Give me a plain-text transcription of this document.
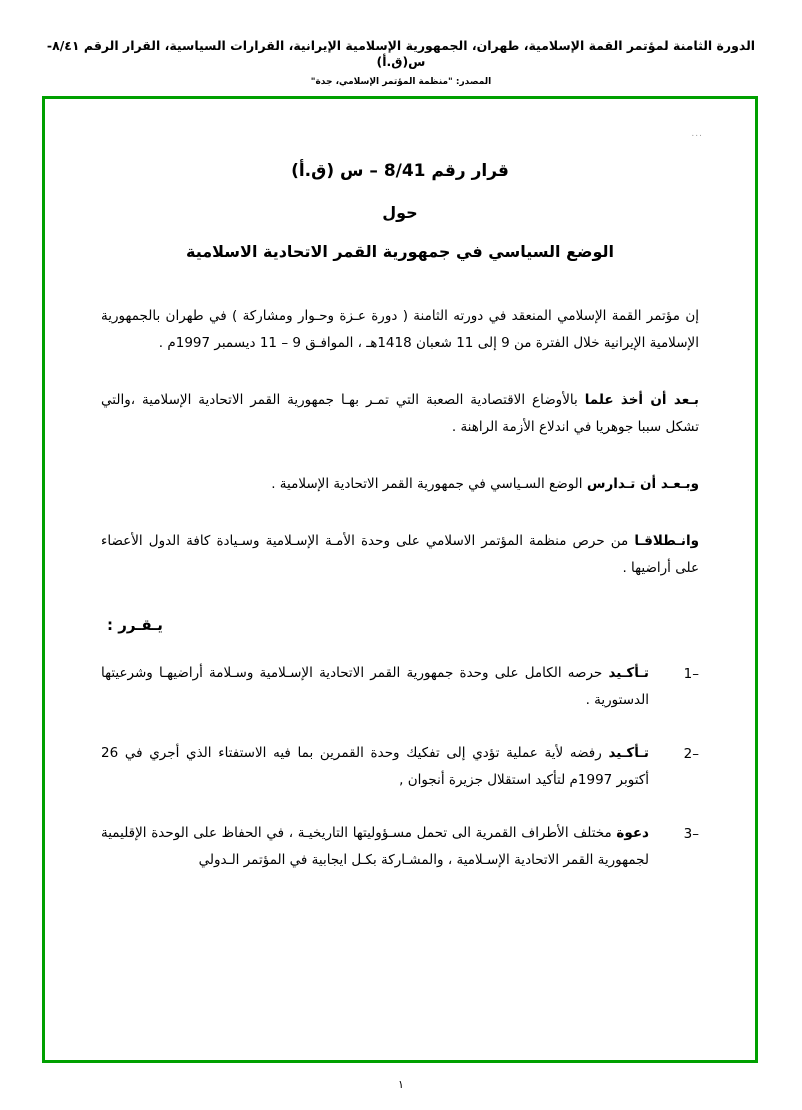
الدورة الثامنة لمؤتمر القمة الإسلامية، طهران، الجمهورية الإسلامية الإيرانية، القرارات السياسية، القرار الرقم ٨/٤١-س(ق.أ)
المصدر: "منظمة المؤتمر الإسلامي، جدة"
...
قرار رقم 8/41 – س (ق.أ)
حول
الوضع السياسي في جمهورية القمر الاتحادية الاسلامية

إن مؤتمر القمة الإسلامي المنعقد في دورته الثامنة ( دورة عـزة وحـوار ومشاركة ) في طهران بالجمهورية الإسلامية الإيرانية خلال الفترة من 9 إلى 11 شعبان 1418هـ ، الموافـق 9 – 11 ديسمبر 1997م .

بـعد أن أخذ علما بالأوضاع الاقتصادية الصعبة التي تمـر بهـا جمهورية القمر الاتحادية الإسلامية ،والتي تشكل سببا جوهريا في اندلاع الأزمة الراهنة .

وبـعـد أن تـدارس الوضع السـياسي في جمهورية القمر الاتحادية الإسلامية .

وانـطلاقـا من حرص منظمة المؤتمر الاسلامي على وحدة الأمـة الإسـلامية وسـيادة كافة الدول الأعضاء على أراضيها .

يـقـرر :
–1
تـأكـيد حرصه الكامل على وحدة جمهورية القمر الاتحادية الإسـلامية وسـلامة أراضيهـا وشرعيتها الدستورية .
–2
تـأكـيد رفضه لأية عملية تؤدي إلى تفكيك وحدة القمرين بما فيه الاستفتاء الذي أجري في 26 أكتوبر 1997م لتأكيد استقلال جزيرة أنجوان ,
–3
دعوة مختلف الأطراف القمرية الى تحمل مسـؤوليتها التاريخيـة ، في الحفاظ على الوحدة الإقليمية لجمهورية القمر الاتحادية الإسـلامية ، والمشـاركة بكـل ايجابية في المؤتمر الـدولي
١
